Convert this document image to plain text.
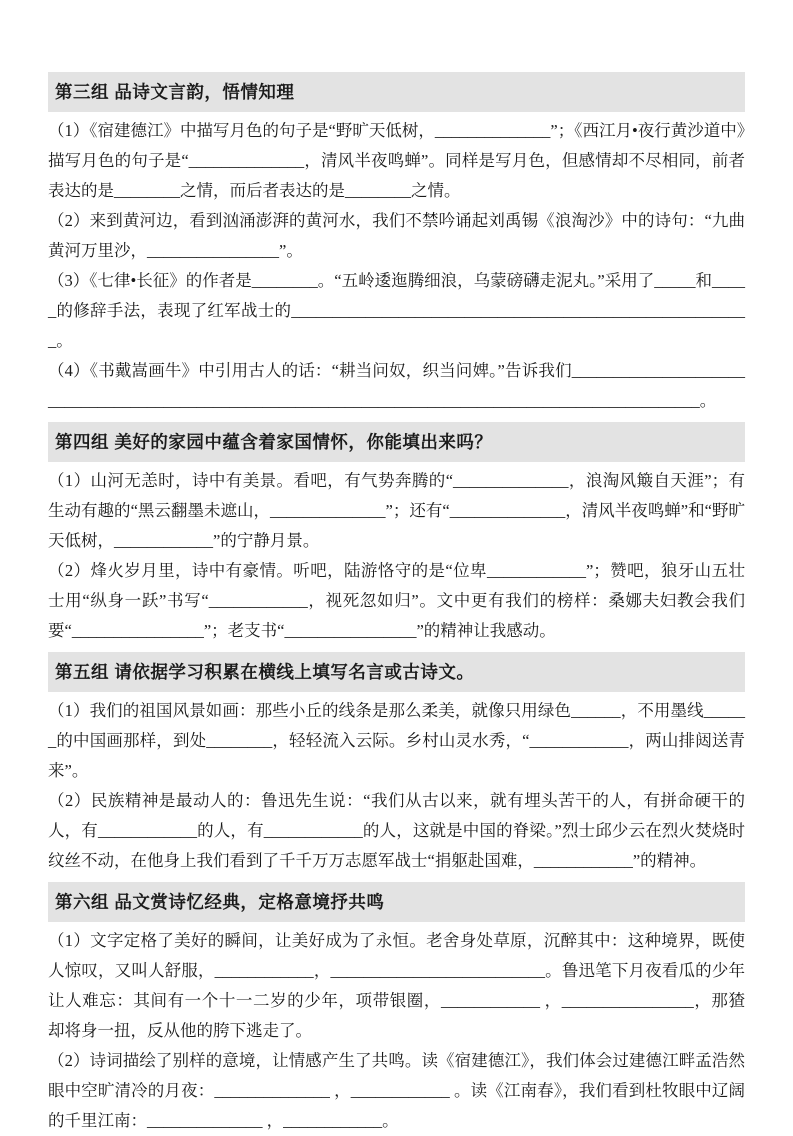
第三组 品诗文言韵，悟情知理

（1）《宿建德江》中描写月色的句子是“野旷天低树，______________”；《西江月•夜行黄沙道中》描写月色的句子是“______________，清风半夜鸣蝉”。同样是写月色，但感情却不尽相同，前者表达的是________之情，而后者表达的是________之情。

（2）来到黄河边，看到汹涌澎湃的黄河水，我们不禁吟诵起刘禹锡《浪淘沙》中的诗句：“九曲黄河万里沙，________________”。

（3）《七律•长征》的作者是________。“五岭逶迤腾细浪，乌蒙磅礴走泥丸。”采用了_____和_____的修辞手法，表现了红军战士的________________________________________________________。

（4）《书戴嵩画牛》中引用古人的话：“耕当问奴，织当问婢。”告诉我们____________________________________________________________________________________________________。

第四组 美好的家园中蕴含着家国情怀，你能填出来吗？

（1）山河无恙时，诗中有美景。看吧，有气势奔腾的“______________，浪淘风簸自天涯”；有生动有趣的“黑云翻墨未遮山，______________”；还有“______________，清风半夜鸣蝉”和“野旷天低树，____________”的宁静月景。

（2）烽火岁月里，诗中有豪情。听吧，陆游恪守的是“位卑____________”；赞吧，狼牙山五壮士用“纵身一跃”书写“____________，视死忽如归”。文中更有我们的榜样：桑娜夫妇教会我们要“________________”；老支书“________________”的精神让我感动。

第五组 请依据学习积累在横线上填写名言或古诗文。

（1）我们的祖国风景如画：那些小丘的线条是那么柔美，就像只用绿色______，不用墨线______的中国画那样，到处________，轻轻流入云际。乡村山灵水秀，“____________，两山排闼送青来”。

（2）民族精神是最动人的：鲁迅先生说：“我们从古以来，就有埋头苦干的人，有拼命硬干的人，有____________的人，有____________的人，这就是中国的脊梁。”烈士邱少云在烈火焚烧时纹丝不动，在他身上我们看到了千千万万志愿军战士“捐躯赴国难，____________”的精神。

第六组 品文赏诗忆经典，定格意境抒共鸣

（1）文字定格了美好的瞬间，让美好成为了永恒。老舍身处草原，沉醉其中：这种境界，既使人惊叹，又叫人舒服，____________，__________________________。鲁迅笔下月夜看瓜的少年让人难忘：其间有一个十一二岁的少年，项带银圈，____________ ，________________，那猹却将身一扭，反从他的胯下逃走了。

（2）诗词描绘了别样的意境，让情感产生了共鸣。读《宿建德江》，我们体会过建德江畔孟浩然眼中空旷清冷的月夜：______________ ，____________ 。读《江南春》，我们看到杜牧眼中辽阔的千里江南：______________ ，____________。
